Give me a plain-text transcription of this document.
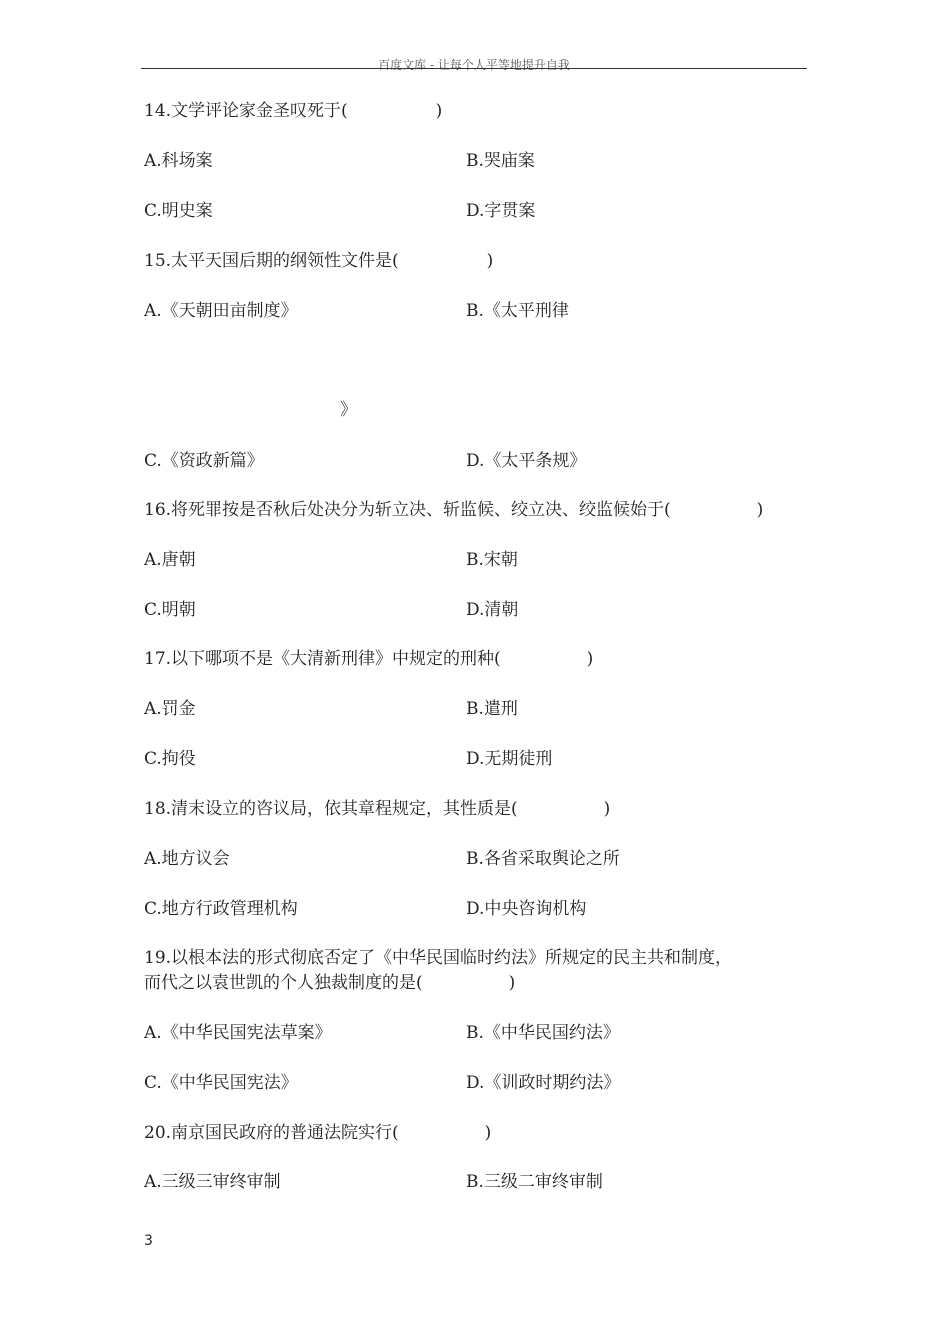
百度文库 - 让每个人平等地提升自我
14.文学评论家金圣叹死于(	)
A.科场案	B.哭庙案
C.明史案	D.字贯案
15.太平天国后期的纲领性文件是(	)
A.《天朝田亩制度》	B.《太平刑律
》
C.《资政新篇》	D.《太平条规》
16.将死罪按是否秋后处决分为斩立决、斩监候、绞立决、绞监候始于(	)
A.唐朝	B.宋朝
C.明朝	D.清朝
17.以下哪项不是《大清新刑律》中规定的刑种(	)
A.罚金	B.遣刑
C.拘役	D.无期徒刑
18.清末设立的咨议局，依其章程规定，其性质是(	)
A.地方议会	B.各省采取舆论之所
C.地方行政管理机构	D.中央咨询机构
19.以根本法的形式彻底否定了《中华民国临时约法》所规定的民主共和制度，
而代之以袁世凯的个人独裁制度的是(	)
A.《中华民国宪法草案》	B.《中华民国约法》
C.《中华民国宪法》	D.《训政时期约法》
20.南京国民政府的普通法院实行(	)
A.三级三审终审制	B.三级二审终审制
3
